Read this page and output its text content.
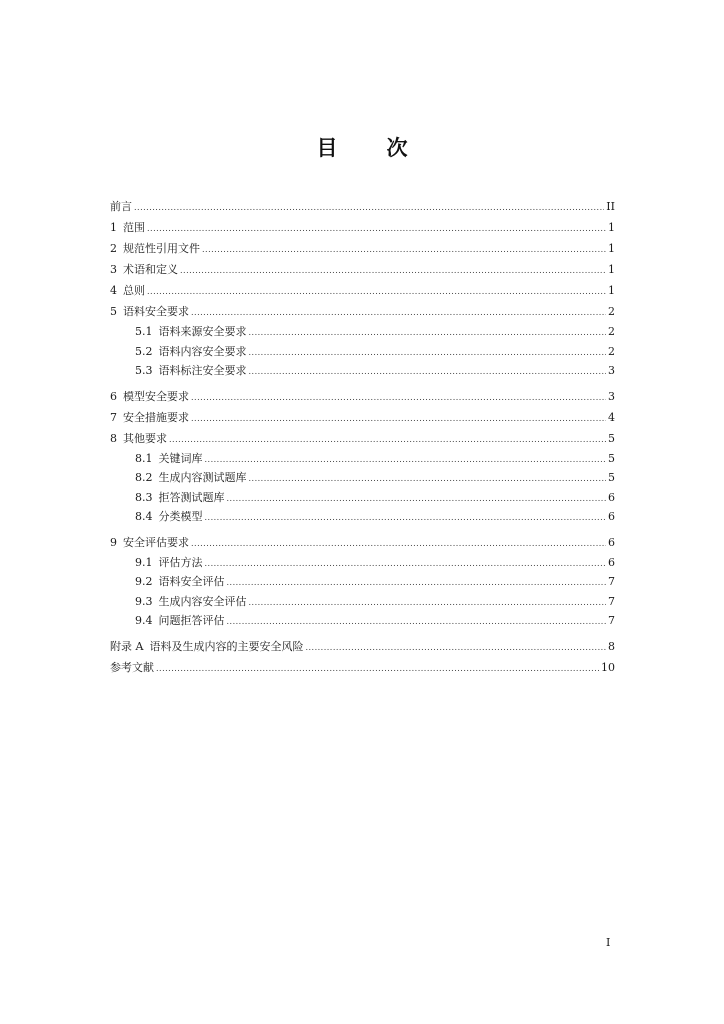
目　次
前言 .....	II
1 范围 .....	1
2 规范性引用文件 .....	1
3 术语和定义 .....	1
4 总则 .....	1
5 语料安全要求 .....	2
5.1 语料来源安全要求 .....	2
5.2 语料内容安全要求 .....	2
5.3 语料标注安全要求 .....	3
6 模型安全要求 .....	3
7 安全措施要求 .....	4
8 其他要求 .....	5
8.1 关键词库 .....	5
8.2 生成内容测试题库 .....	5
8.3 拒答测试题库 .....	6
8.4 分类模型 .....	6
9 安全评估要求 .....	6
9.1 评估方法 .....	6
9.2 语料安全评估 .....	7
9.3 生成内容安全评估 .....	7
9.4 问题拒答评估 .....	7
附录 A 语料及生成内容的主要安全风险 .....	8
参考文献 .....	10
I
